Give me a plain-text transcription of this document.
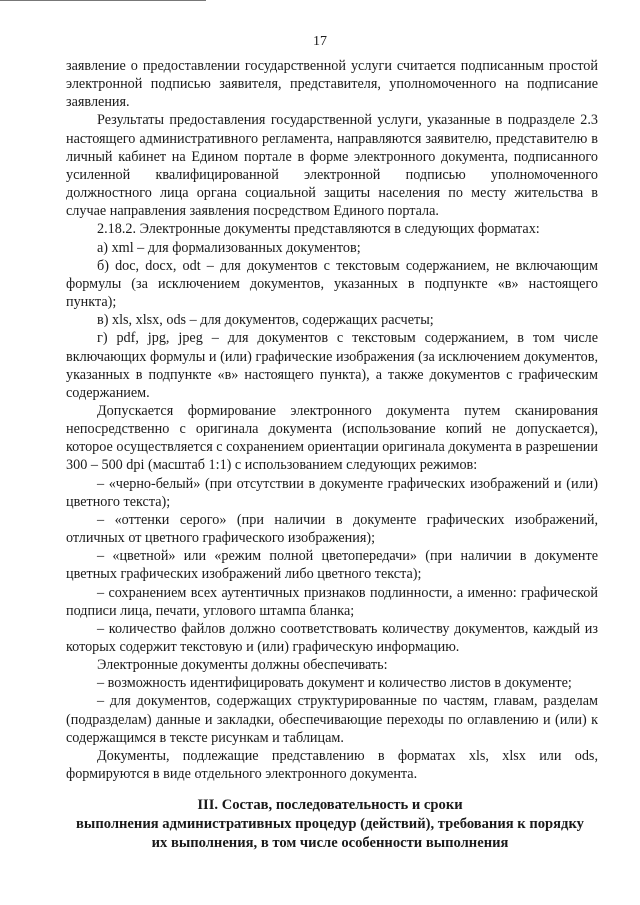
17

заявление о предоставлении государственной услуги считается подписанным простой электронной подписью заявителя, представителя, уполномоченного на подписание заявления.

Результаты предоставления государственной услуги, указанные в подразделе 2.3 настоящего административного регламента, направляются заявителю, представителю в личный кабинет на Едином портале в форме электронного документа, подписанного усиленной квалифицированной электронной подписью уполномоченного должностного лица органа социальной защиты населения по месту жительства в случае направления заявления посредством Единого портала.

2.18.2. Электронные документы представляются в следующих форматах:

а) xml – для формализованных документов;

б) doc, docx, odt – для документов с текстовым содержанием, не включающим формулы (за исключением документов, указанных в подпункте «в» настоящего пункта);

в) xls, xlsx, ods – для документов, содержащих расчеты;

г) pdf, jpg, jpeg – для документов с текстовым содержанием, в том числе включающих формулы и (или) графические изображения (за исключением документов, указанных в подпункте «в» настоящего пункта), а также документов с графическим содержанием.

Допускается формирование электронного документа путем сканирования непосредственно с оригинала документа (использование копий не допускается), которое осуществляется с сохранением ориентации оригинала документа в разрешении 300 – 500 dpi (масштаб 1:1) с использованием следующих режимов:

– «черно-белый» (при отсутствии в документе графических изображений и (или) цветного текста);

– «оттенки серого» (при наличии в документе графических изображений, отличных от цветного графического изображения);

– «цветной» или «режим полной цветопередачи» (при наличии в документе цветных графических изображений либо цветного текста);

– сохранением всех аутентичных признаков подлинности, а именно: графической подписи лица, печати, углового штампа бланка;

– количество файлов должно соответствовать количеству документов, каждый из которых содержит текстовую и (или) графическую информацию.

Электронные документы должны обеспечивать:

– возможность идентифицировать документ и количество листов в документе;

– для документов, содержащих структурированные по частям, главам, разделам (подразделам) данные и закладки, обеспечивающие переходы по оглавлению и (или) к содержащимся в тексте рисункам и таблицам.

Документы, подлежащие представлению в форматах xls, xlsx или ods, формируются в виде отдельного электронного документа.

III. Состав, последовательность и сроки
выполнения административных процедур (действий), требования к порядку
их выполнения, в том числе особенности выполнения
